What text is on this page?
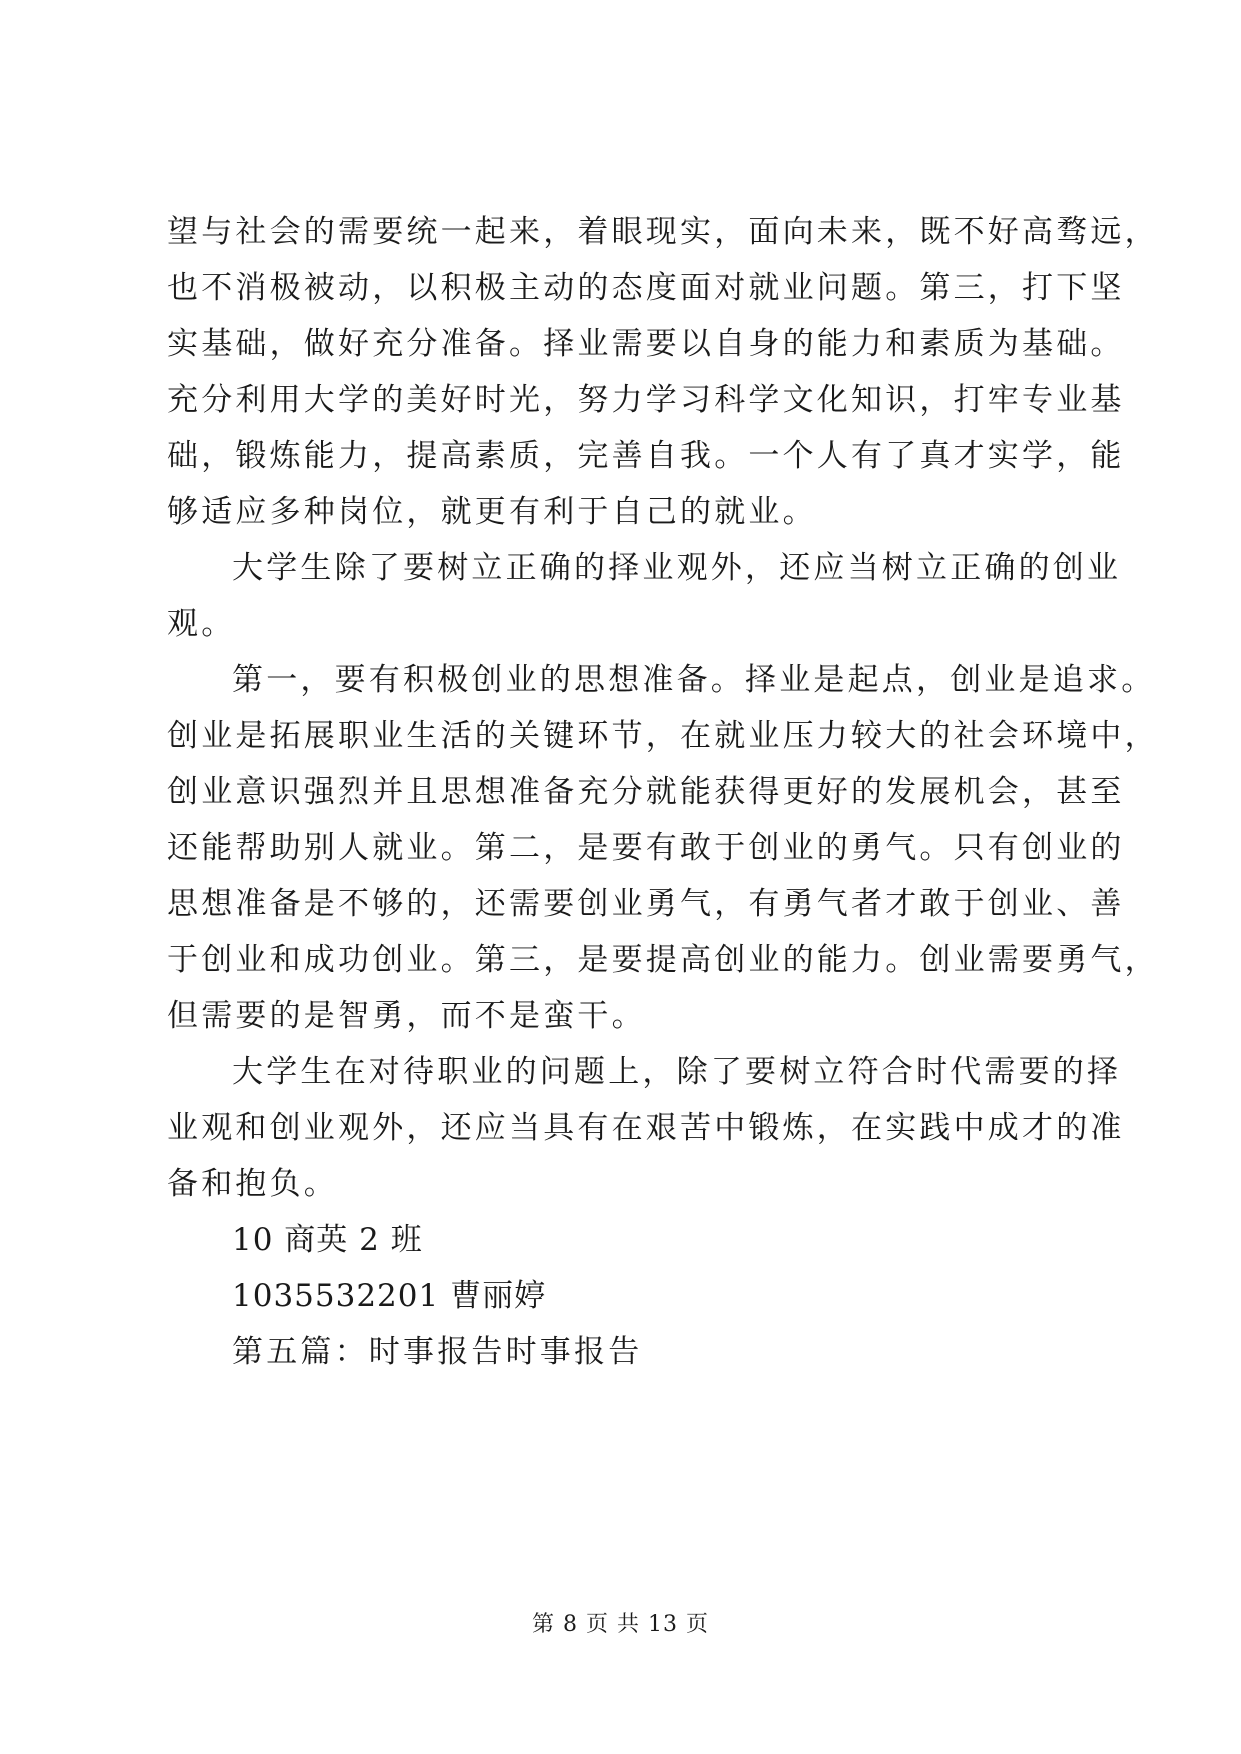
望与社会的需要统一起来，着眼现实，面向未来，既不好高骛远，
也不消极被动，以积极主动的态度面对就业问题。第三，打下坚
实基础，做好充分准备。择业需要以自身的能力和素质为基础。
充分利用大学的美好时光，努力学习科学文化知识，打牢专业基
础，锻炼能力，提高素质，完善自我。一个人有了真才实学，能
够适应多种岗位，就更有利于自己的就业。
大学生除了要树立正确的择业观外，还应当树立正确的创业
观。
第一，要有积极创业的思想准备。择业是起点，创业是追求。
创业是拓展职业生活的关键环节，在就业压力较大的社会环境中，
创业意识强烈并且思想准备充分就能获得更好的发展机会，甚至
还能帮助别人就业。第二，是要有敢于创业的勇气。只有创业的
思想准备是不够的，还需要创业勇气，有勇气者才敢于创业、善
于创业和成功创业。第三，是要提高创业的能力。创业需要勇气，
但需要的是智勇，而不是蛮干。
大学生在对待职业的问题上，除了要树立符合时代需要的择
业观和创业观外，还应当具有在艰苦中锻炼，在实践中成才的准
备和抱负。
10 商英 2 班
1035532201 曹丽婷
第五篇：时事报告时事报告
第 8 页 共 13 页
